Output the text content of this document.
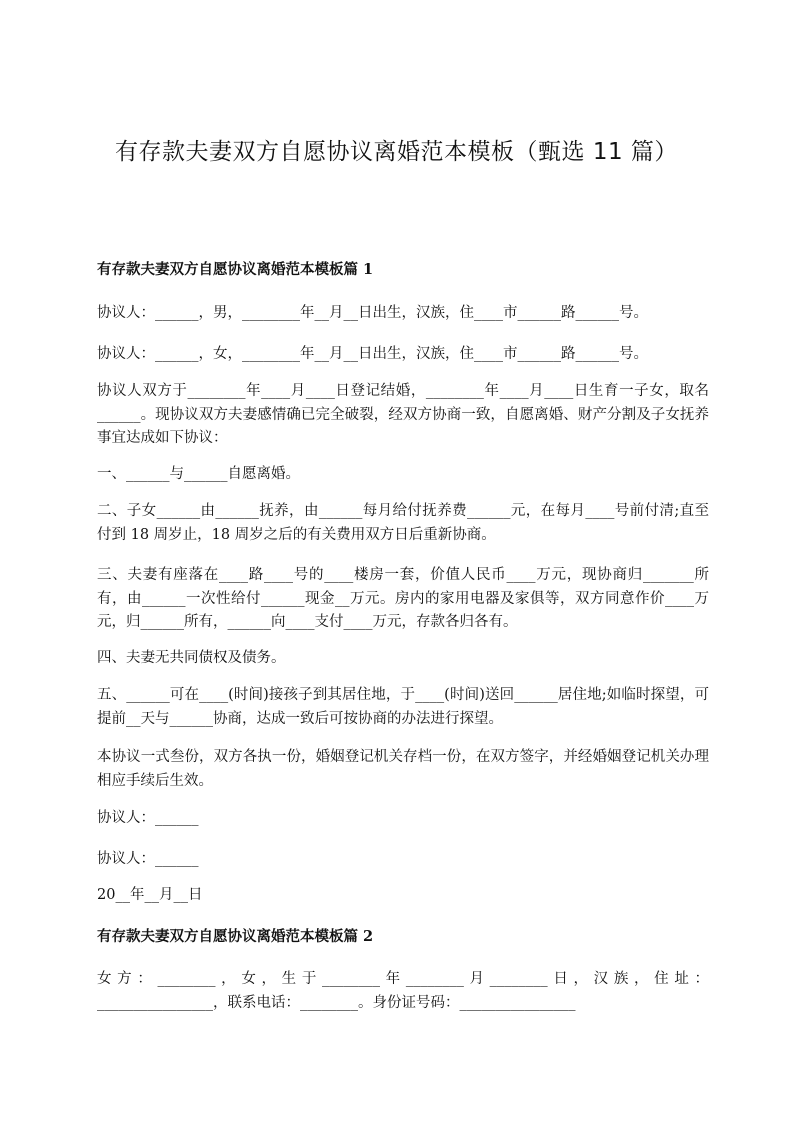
有存款夫妻双方自愿协议离婚范本模板（甄选 11 篇）
有存款夫妻双方自愿协议离婚范本模板篇 1

协议人：______，男，________年__月__日出生，汉族，住____市______路______号。

协议人：______，女，________年__月__日出生，汉族，住____市______路______号。

协议人双方于________年____月____日登记结婚，________年____月____日生育一子女，取名______。现协议双方夫妻感情确已完全破裂，经双方协商一致，自愿离婚、财产分割及子女抚养事宜达成如下协议：

一、______与______自愿离婚。

二、子女______由______抚养，由______每月给付抚养费______元，在每月____号前付清;直至付到 18 周岁止，18 周岁之后的有关费用双方日后重新协商。

三、夫妻有座落在____路____号的____楼房一套，价值人民币____万元，现协商归_______所有，由______一次性给付______现金__万元。房内的家用电器及家俱等，双方同意作价____万元，归______所有，______向____支付____万元，存款各归各有。

四、夫妻无共同债权及债务。

五、______可在____(时间)接孩子到其居住地，于____(时间)送回______居住地;如临时探望，可提前__天与______协商，达成一致后可按协商的办法进行探望。

本协议一式叁份，双方各执一份，婚姻登记机关存档一份，在双方签字，并经婚姻登记机关办理相应手续后生效。

协议人：______

协议人：______

20__年__月__日

有存款夫妻双方自愿协议离婚范本模板篇 2

女方：________，女，生于________年________月________日，汉族，住址：________________，联系电话：________。身份证号码：________________
